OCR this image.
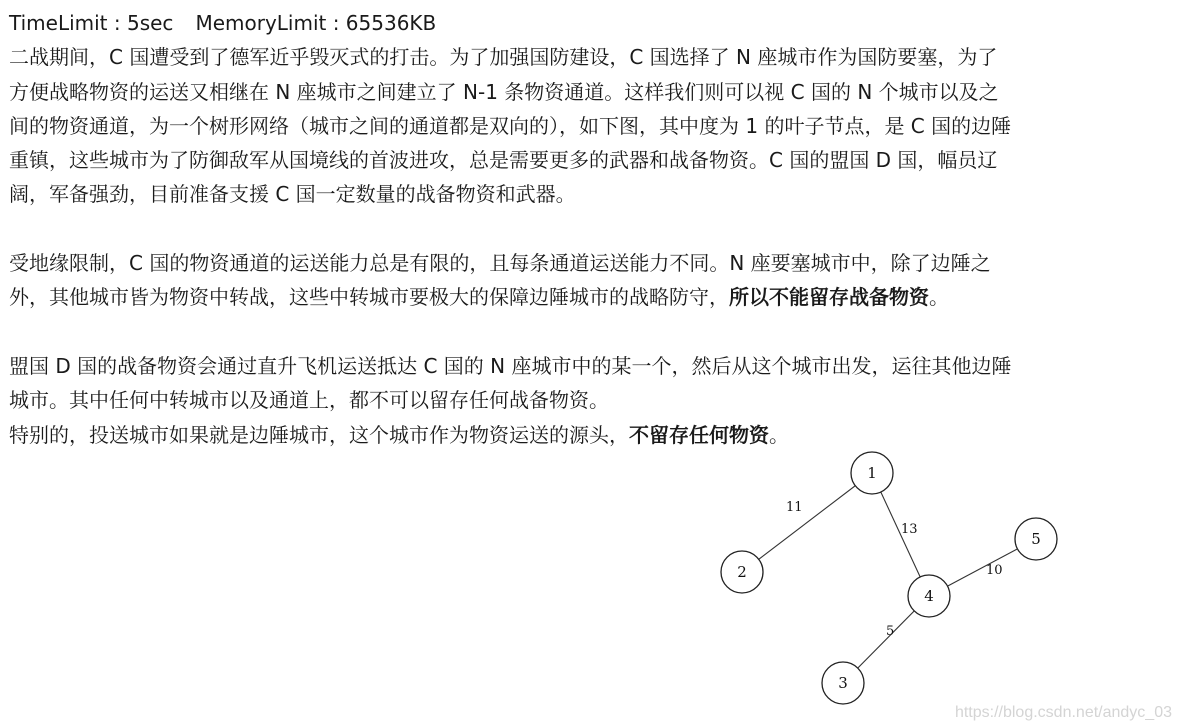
TimeLimit : 5sec MemoryLimit : 65536KB
二战期间，C 国遭受到了德军近乎毁灭式的打击。为了加强国防建设，C 国选择了 N 座城市作为国防要塞，为了
方便战略物资的运送又相继在 N 座城市之间建立了 N-1 条物资通道。这样我们则可以视 C 国的 N 个城市以及之
间的物资通道，为一个树形网络（城市之间的通道都是双向的），如下图，其中度为 1 的叶子节点，是 C 国的边陲
重镇，这些城市为了防御敌军从国境线的首波进攻，总是需要更多的武器和战备物资。C 国的盟国 D 国，幅员辽
阔，军备强劲，目前准备支援 C 国一定数量的战备物资和武器。
受地缘限制，C 国的物资通道的运送能力总是有限的，且每条通道运送能力不同。N 座要塞城市中，除了边陲之
外，其他城市皆为物资中转战，这些中转城市要极大的保障边陲城市的战略防守，所以不能留存战备物资。
盟国 D 国的战备物资会通过直升飞机运送抵达 C 国的 N 座城市中的某一个，然后从这个城市出发，运往其他边陲
城市。其中任何中转城市以及通道上，都不可以留存任何战备物资。
特别的，投送城市如果就是边陲城市，这个城市作为物资运送的源头，不留存任何物资。
11
13
10
5
1
2
3
4
5
https://blog.csdn.net/andyc_03
